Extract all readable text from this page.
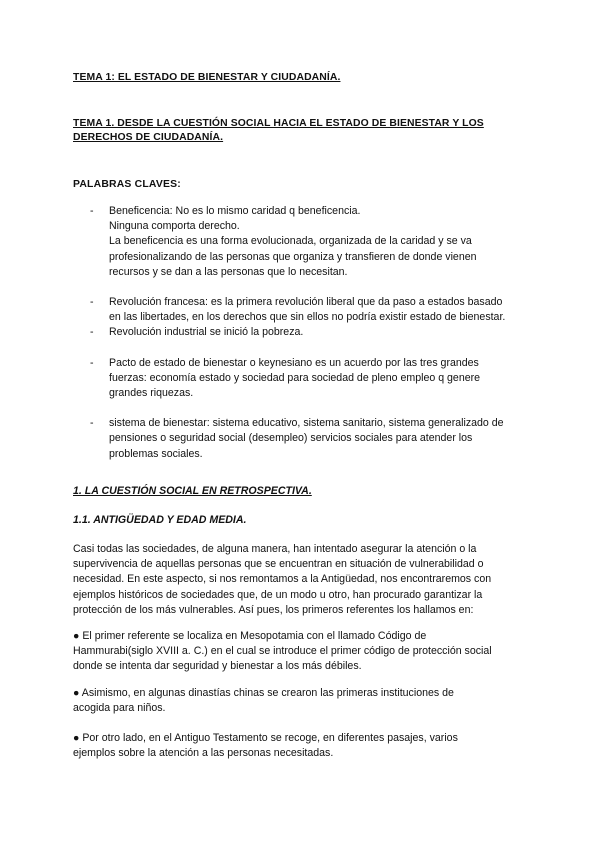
TEMA 1: EL ESTADO DE BIENESTAR Y CIUDADANÍA.
TEMA 1. DESDE LA CUESTIÓN SOCIAL HACIA EL ESTADO DE BIENESTAR Y LOS
DERECHOS DE CIUDADANÍA.
PALABRAS CLAVES:
- Beneficencia: No es lo mismo caridad q beneficencia.
Ninguna comporta derecho.
La beneficencia es una forma evolucionada, organizada de la caridad y se va
profesionalizando de las personas que organiza y transfieren de donde vienen
recursos y se dan a las personas que lo necesitan.
- Revolución francesa: es la primera revolución liberal que da paso a estados basado
en las libertades, en los derechos que sin ellos no podría existir estado de bienestar.
- Revolución industrial se inició la pobreza.
- Pacto de estado de bienestar o keynesiano es un acuerdo por las tres grandes
fuerzas: economía estado y sociedad para sociedad de pleno empleo q genere
grandes riquezas.
- sistema de bienestar: sistema educativo, sistema sanitario, sistema generalizado de
pensiones o seguridad social (desempleo) servicios sociales para atender los
problemas sociales.
1. LA CUESTIÓN SOCIAL EN RETROSPECTIVA.
1.1. ANTIGÜEDAD Y EDAD MEDIA.
Casi todas las sociedades, de alguna manera, han intentado asegurar la atención o la
supervivencia de aquellas personas que se encuentran en situación de vulnerabilidad o
necesidad. En este aspecto, si nos remontamos a la Antigüedad, nos encontraremos con
ejemplos históricos de sociedades que, de un modo u otro, han procurado garantizar la
protección de los más vulnerables. Así pues, los primeros referentes los hallamos en:
● El primer referente se localiza en Mesopotamia con el llamado Código de
Hammurabi(siglo XVIII a. C.) en el cual se introduce el primer código de protección social
donde se intenta dar seguridad y bienestar a los más débiles.
● Asimismo, en algunas dinastías chinas se crearon las primeras instituciones de
acogida para niños.
● Por otro lado, en el Antiguo Testamento se recoge, en diferentes pasajes, varios
ejemplos sobre la atención a las personas necesitadas.
